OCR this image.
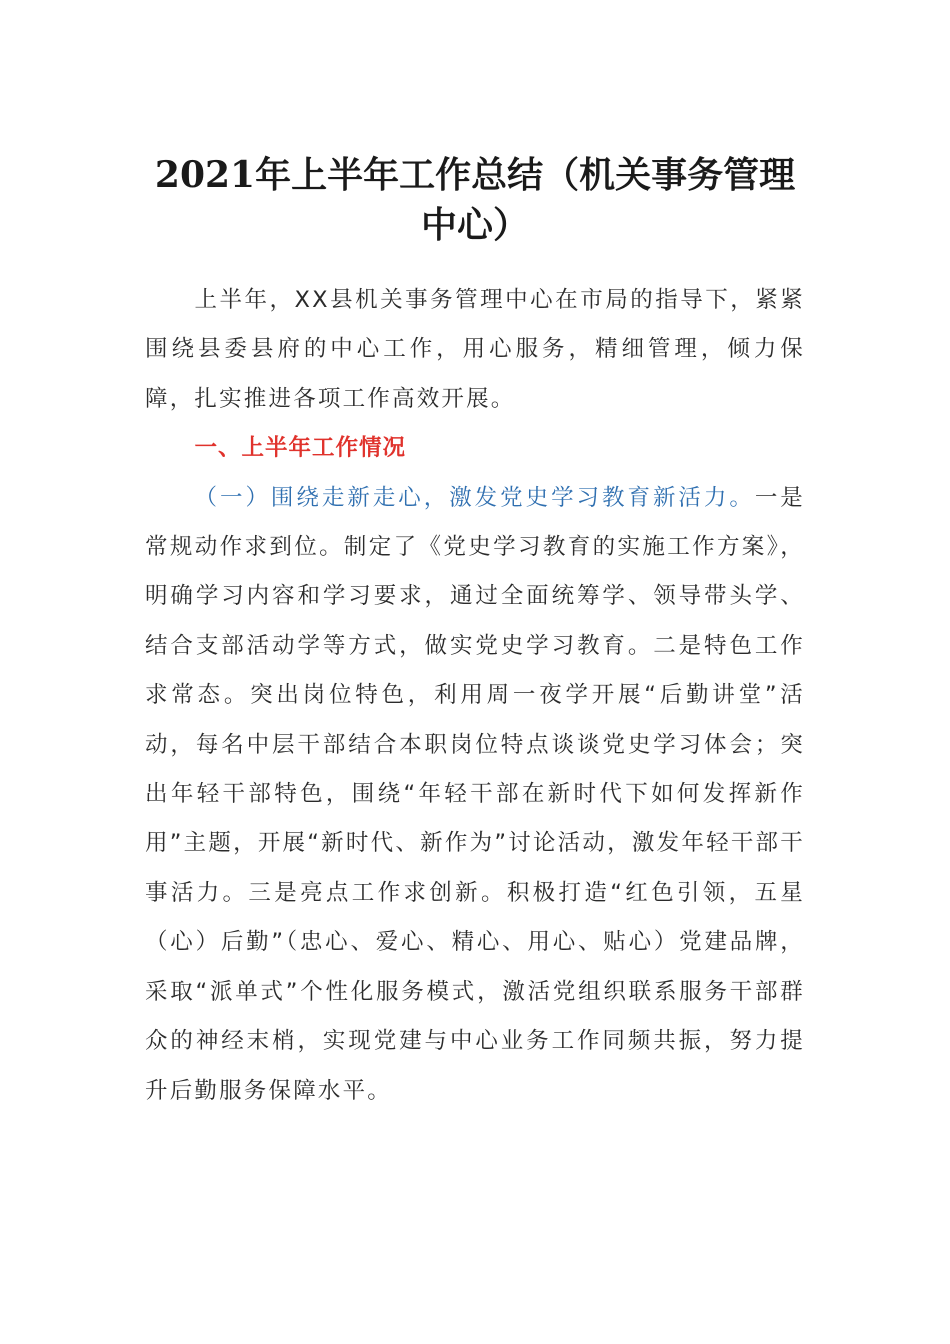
2021年上半年工作总结（机关事务管理中心）

上半年，XX县机关事务管理中心在市局的指导下，紧紧围绕县委县府的中心工作，用心服务，精细管理，倾力保障，扎实推进各项工作高效开展。

一、上半年工作情况

（一）围绕走新走心，激发党史学习教育新活力。一是常规动作求到位。制定了《党史学习教育的实施工作方案》，明确学习内容和学习要求，通过全面统筹学、领导带头学、结合支部活动学等方式，做实党史学习教育。二是特色工作求常态。突出岗位特色，利用周一夜学开展“后勤讲堂”活动，每名中层干部结合本职岗位特点谈谈党史学习体会；突出年轻干部特色，围绕“年轻干部在新时代下如何发挥新作用”主题，开展“新时代、新作为”讨论活动，激发年轻干部干事活力。三是亮点工作求创新。积极打造“红色引领，五星（心）后勤”（忠心、爱心、精心、用心、贴心）党建品牌，采取“派单式”个性化服务模式，激活党组织联系服务干部群众的神经末梢，实现党建与中心业务工作同频共振，努力提升后勤服务保障水平。
